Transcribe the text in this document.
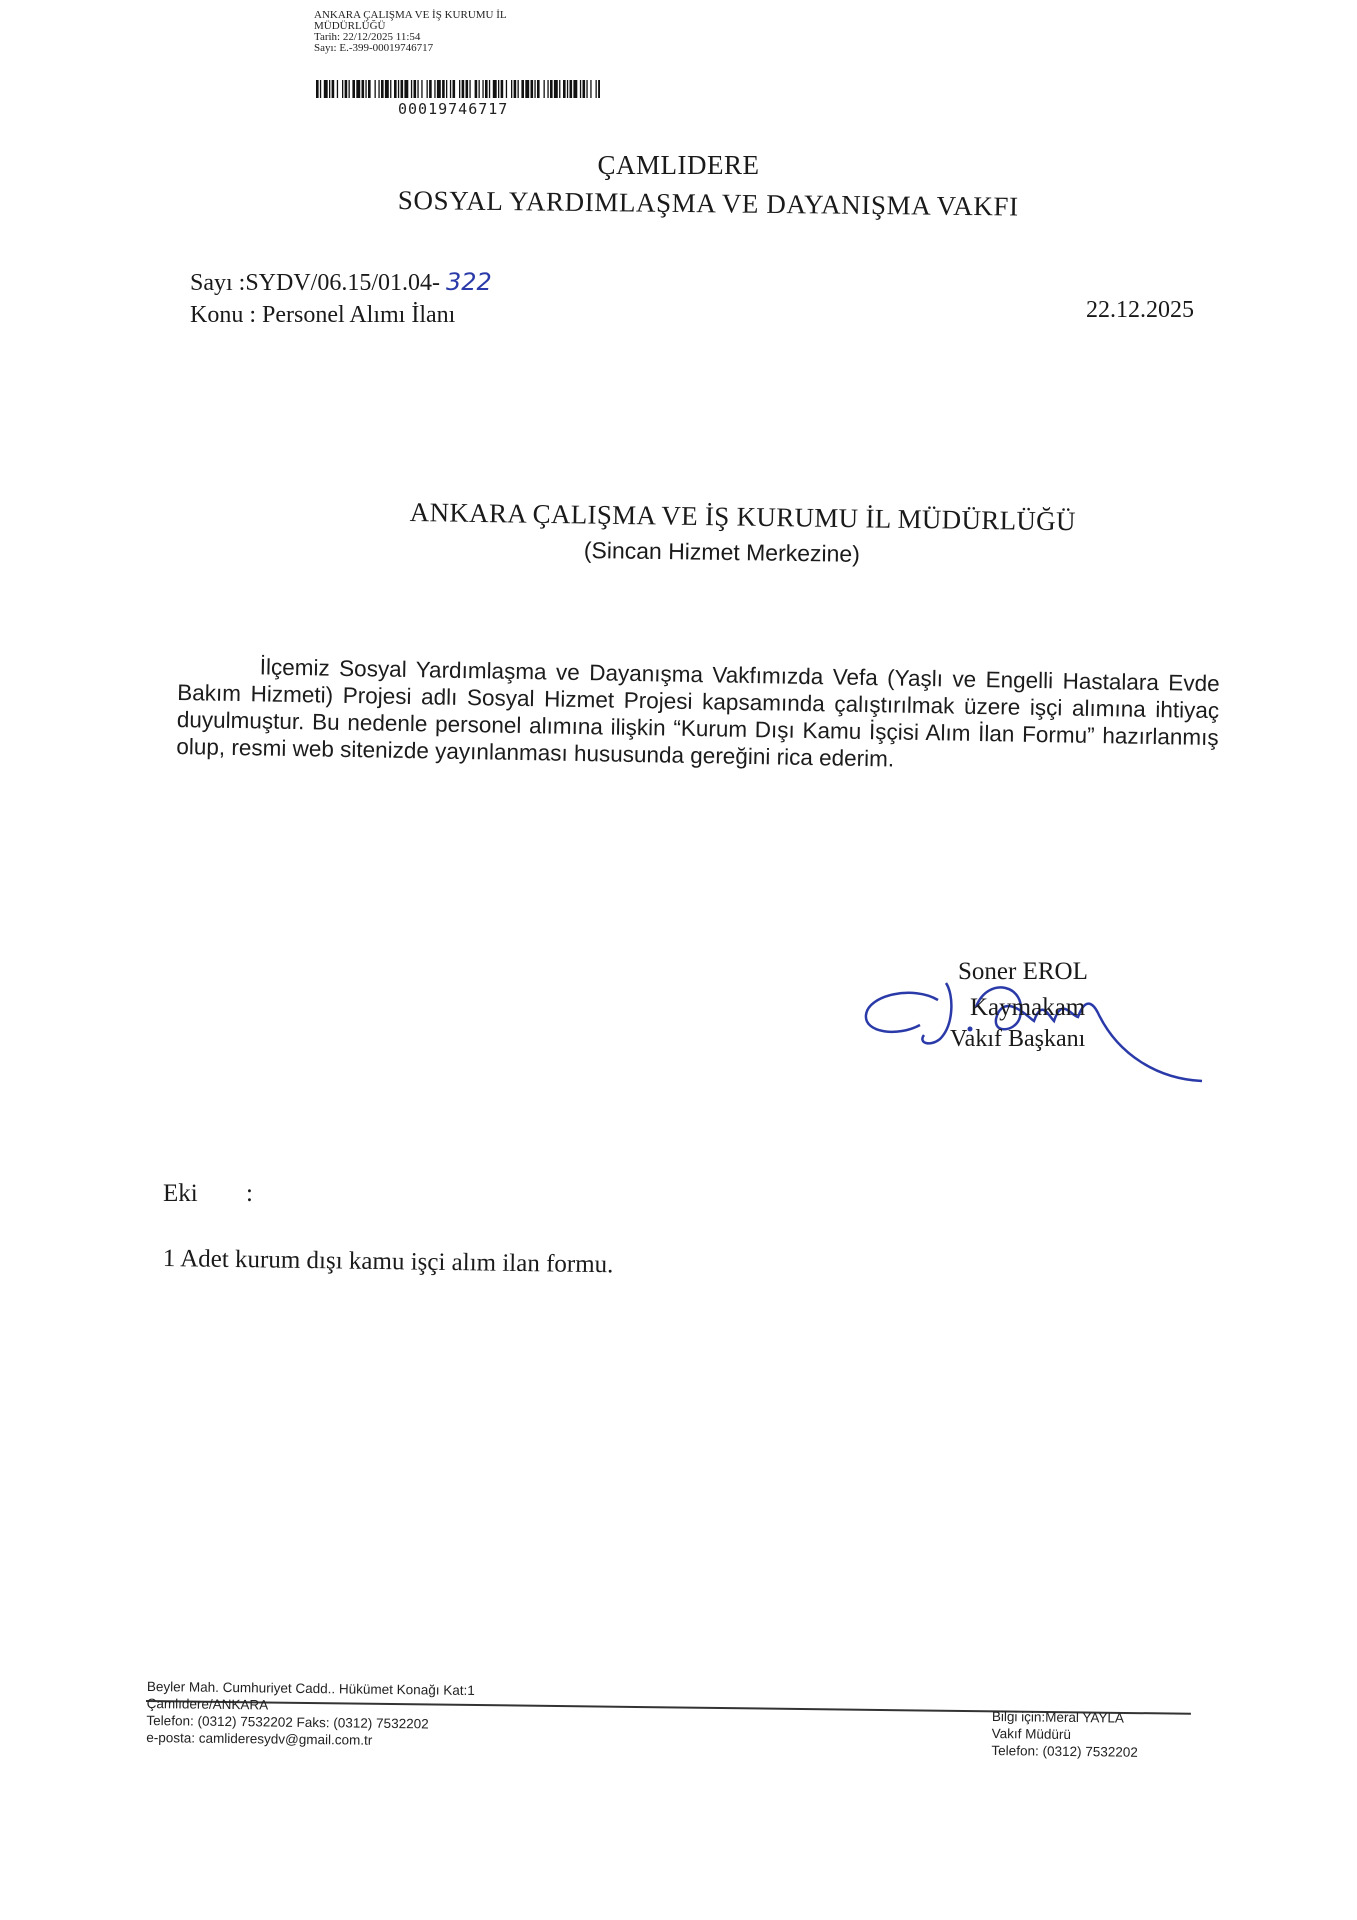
ANKARA ÇALIŞMA VE İŞ KURUMU İL
MÜDÜRLÜĞÜ
Tarih: 22/12/2025 11:54
Sayı: E.-399-00019746717
00019746717
ÇAMLIDERE
SOSYAL YARDIMLAŞMA VE DAYANIŞMA VAKFI
Sayı :SYDV/06.15/01.04- 322
Konu : Personel Alımı İlanı	22.12.2025
ANKARA ÇALIŞMA VE İŞ KURUMU İL MÜDÜRLÜĞÜ
(Sincan Hizmet Merkezine)
İlçemiz Sosyal Yardımlaşma ve Dayanışma Vakfımızda Vefa (Yaşlı ve Engelli Hastalara Evde Bakım Hizmeti) Projesi adlı Sosyal Hizmet Projesi kapsamında çalıştırılmak üzere işçi alımına ihtiyaç duyulmuştur. Bu nedenle personel alımına ilişkin “Kurum Dışı Kamu İşçisi Alım İlan Formu” hazırlanmış olup, resmi web sitenizde yayınlanması hususunda gereğini rica ederim.
Soner EROL
Kaymakam
Vakıf Başkanı
Eki :
1 Adet kurum dışı kamu işçi alım ilan formu.
Beyler Mah. Cumhuriyet Cadd.. Hükümet Konağı Kat:1
Çamlıdere/ANKARA
Telefon: (0312) 7532202 Faks: (0312) 7532202
e-posta: camlideresydv@gmail.com.tr
Bilgi için:Meral YAYLA
Vakıf Müdürü
Telefon: (0312) 7532202
